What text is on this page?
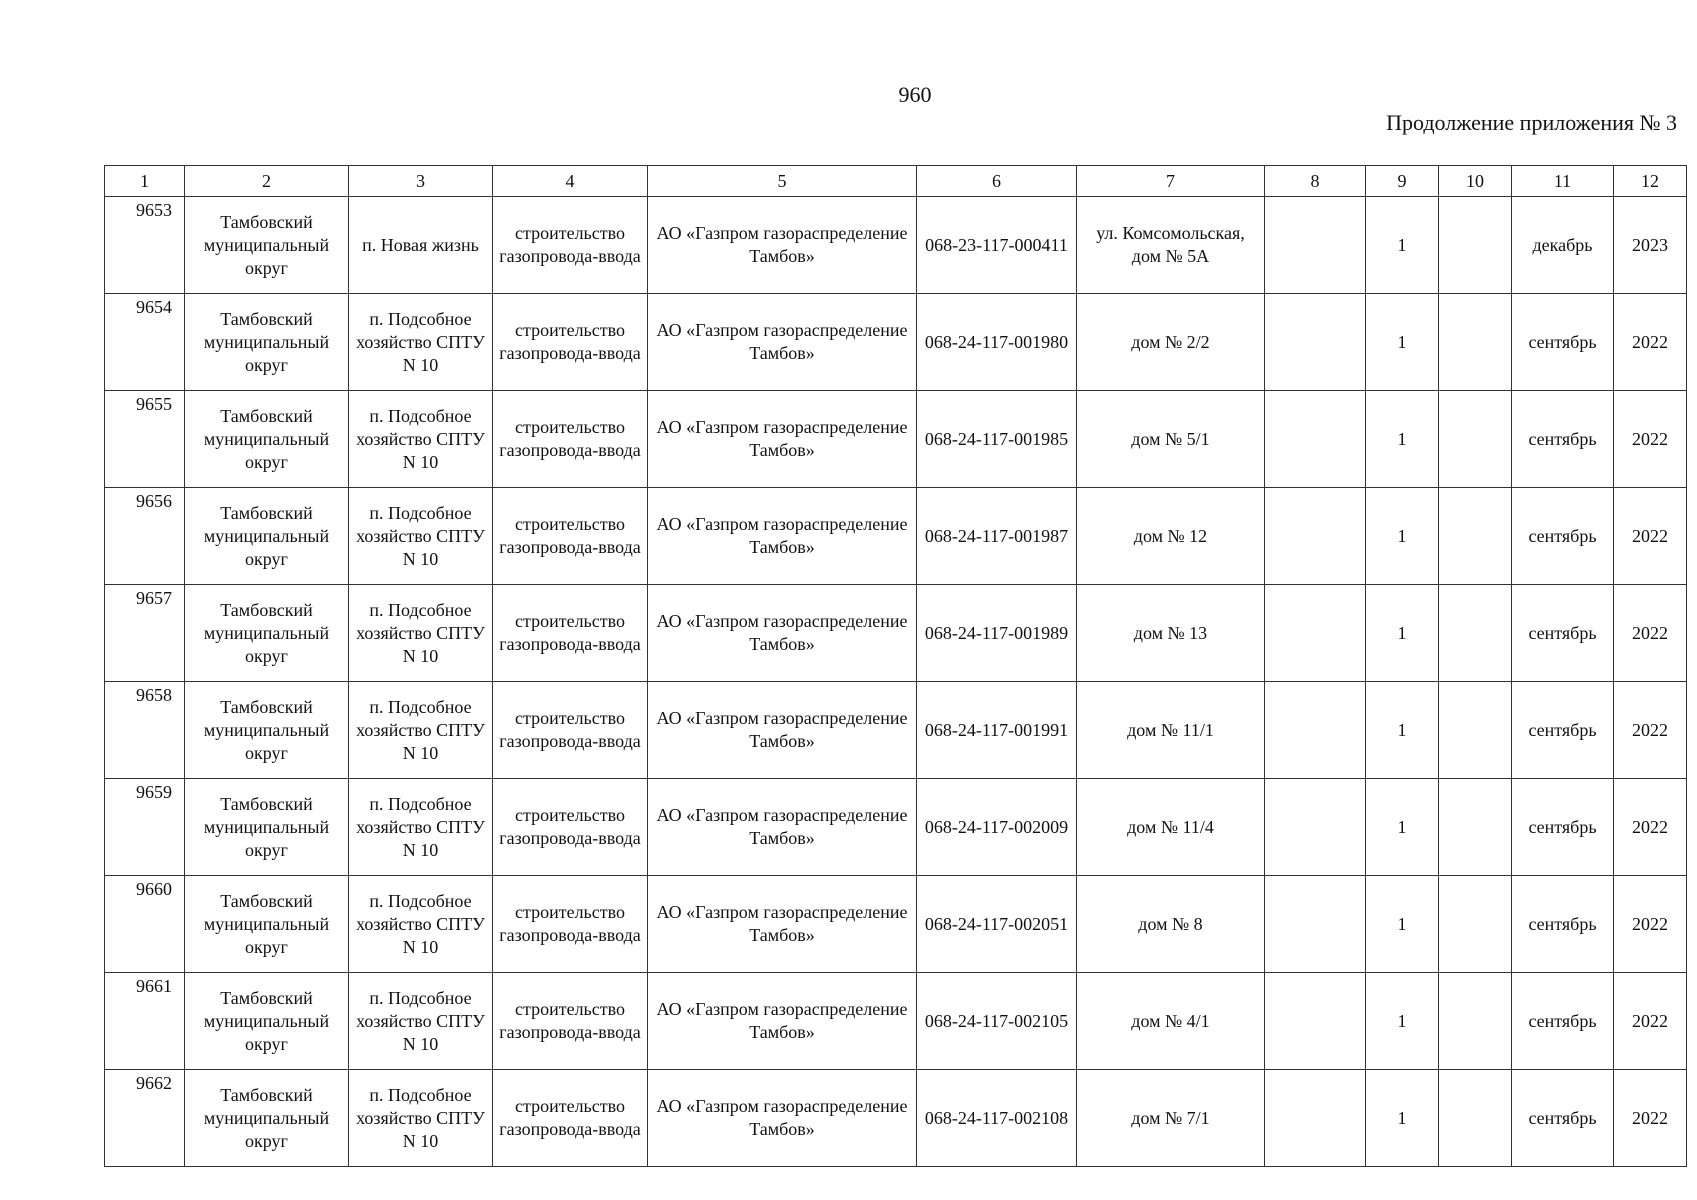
960
Продолжение приложения № 3
1	2	3	4	5	6	7	8	9	10	11	12
9653	Тамбовский муниципальный округ	п. Новая жизнь	строительство газопровода-ввода	АО «Газпром газораспределение Тамбов»	068-23-117-000411	ул. Комсомольская, дом № 5А		1		декабрь	2023
9654	Тамбовский муниципальный округ	п. Подсобное хозяйство СПТУ N 10	строительство газопровода-ввода	АО «Газпром газораспределение Тамбов»	068-24-117-001980	дом № 2/2		1		сентябрь	2022
9655	Тамбовский муниципальный округ	п. Подсобное хозяйство СПТУ N 10	строительство газопровода-ввода	АО «Газпром газораспределение Тамбов»	068-24-117-001985	дом № 5/1		1		сентябрь	2022
9656	Тамбовский муниципальный округ	п. Подсобное хозяйство СПТУ N 10	строительство газопровода-ввода	АО «Газпром газораспределение Тамбов»	068-24-117-001987	дом № 12		1		сентябрь	2022
9657	Тамбовский муниципальный округ	п. Подсобное хозяйство СПТУ N 10	строительство газопровода-ввода	АО «Газпром газораспределение Тамбов»	068-24-117-001989	дом № 13		1		сентябрь	2022
9658	Тамбовский муниципальный округ	п. Подсобное хозяйство СПТУ N 10	строительство газопровода-ввода	АО «Газпром газораспределение Тамбов»	068-24-117-001991	дом № 11/1		1		сентябрь	2022
9659	Тамбовский муниципальный округ	п. Подсобное хозяйство СПТУ N 10	строительство газопровода-ввода	АО «Газпром газораспределение Тамбов»	068-24-117-002009	дом № 11/4		1		сентябрь	2022
9660	Тамбовский муниципальный округ	п. Подсобное хозяйство СПТУ N 10	строительство газопровода-ввода	АО «Газпром газораспределение Тамбов»	068-24-117-002051	дом № 8		1		сентябрь	2022
9661	Тамбовский муниципальный округ	п. Подсобное хозяйство СПТУ N 10	строительство газопровода-ввода	АО «Газпром газораспределение Тамбов»	068-24-117-002105	дом № 4/1		1		сентябрь	2022
9662	Тамбовский муниципальный округ	п. Подсобное хозяйство СПТУ N 10	строительство газопровода-ввода	АО «Газпром газораспределение Тамбов»	068-24-117-002108	дом № 7/1		1		сентябрь	2022
